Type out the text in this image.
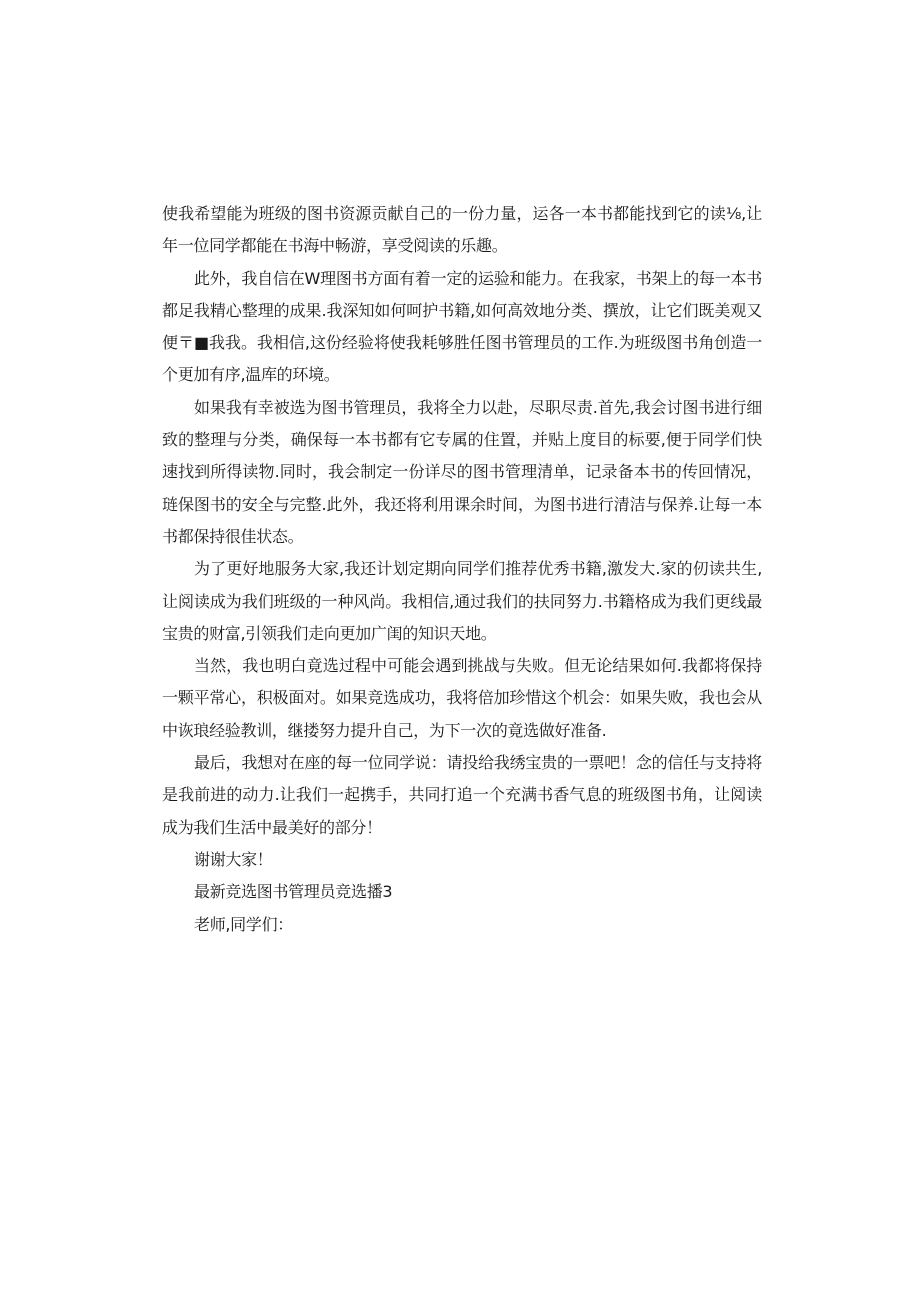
使我希望能为班级的图书资源贡献自己的一份力量，运各一本书都能找到它的读⅛,让年一位同学都能在书海中畅游，享受阅读的乐趣。

此外，我自信在W理图书方面有着一定的运验和能力。在我家，书架上的每一本书都足我精心整理的成果.我深知如何呵护书籍,如何高效地分类、撰放，让它们既美观又便〒■我我。我相信,这份经验将使我耗够胜任图书管理员的工作.为班级图书角创造一个更加有序,温库的环境。

如果我有幸被选为图书管理员，我将全力以赴，尽职尽责.首先,我会讨图书进行细致的整理与分类，确保每一本书都有它专属的住置，并贴上度目的标要,便于同学们快速找到所得读物.同时，我会制定一份详尽的图书管理清单，记录备本书的传回情况，琏保图书的安全与完整.此外，我还将利用课余时间，为图书进行清洁与保养.让每一本书都保持很佳状态。

为了更好地服务大家,我还计划定期向同学们推荐优秀书籍,激发大.家的仞读共生,让阅读成为我们班级的一种风尚。我相信,通过我们的扶同努力.书籍格成为我们更线最宝贵的财富,引领我们走向更加广闺的知识天地。

当然，我也明白竟选过程中可能会遇到挑战与失败。但无论结果如何.我都将保持一颗平常心，积极面对。如果竞选成功，我将倍加珍惜这个机会：如果失败，我也会从中诙琅经验教训，继搂努力提升自己，为下一次的竟选做好准备.

最后，我想对在座的每一位同学说：请投给我绣宝贵的一票吧！念的信任与支持将是我前进的动力.让我们一起携手，共同打追一个充满书香气息的班级图书角，让阅读成为我们生活中最美好的部分！

谢谢大家！

最新竞选图书管理员竞选播3

老师,同学们：
